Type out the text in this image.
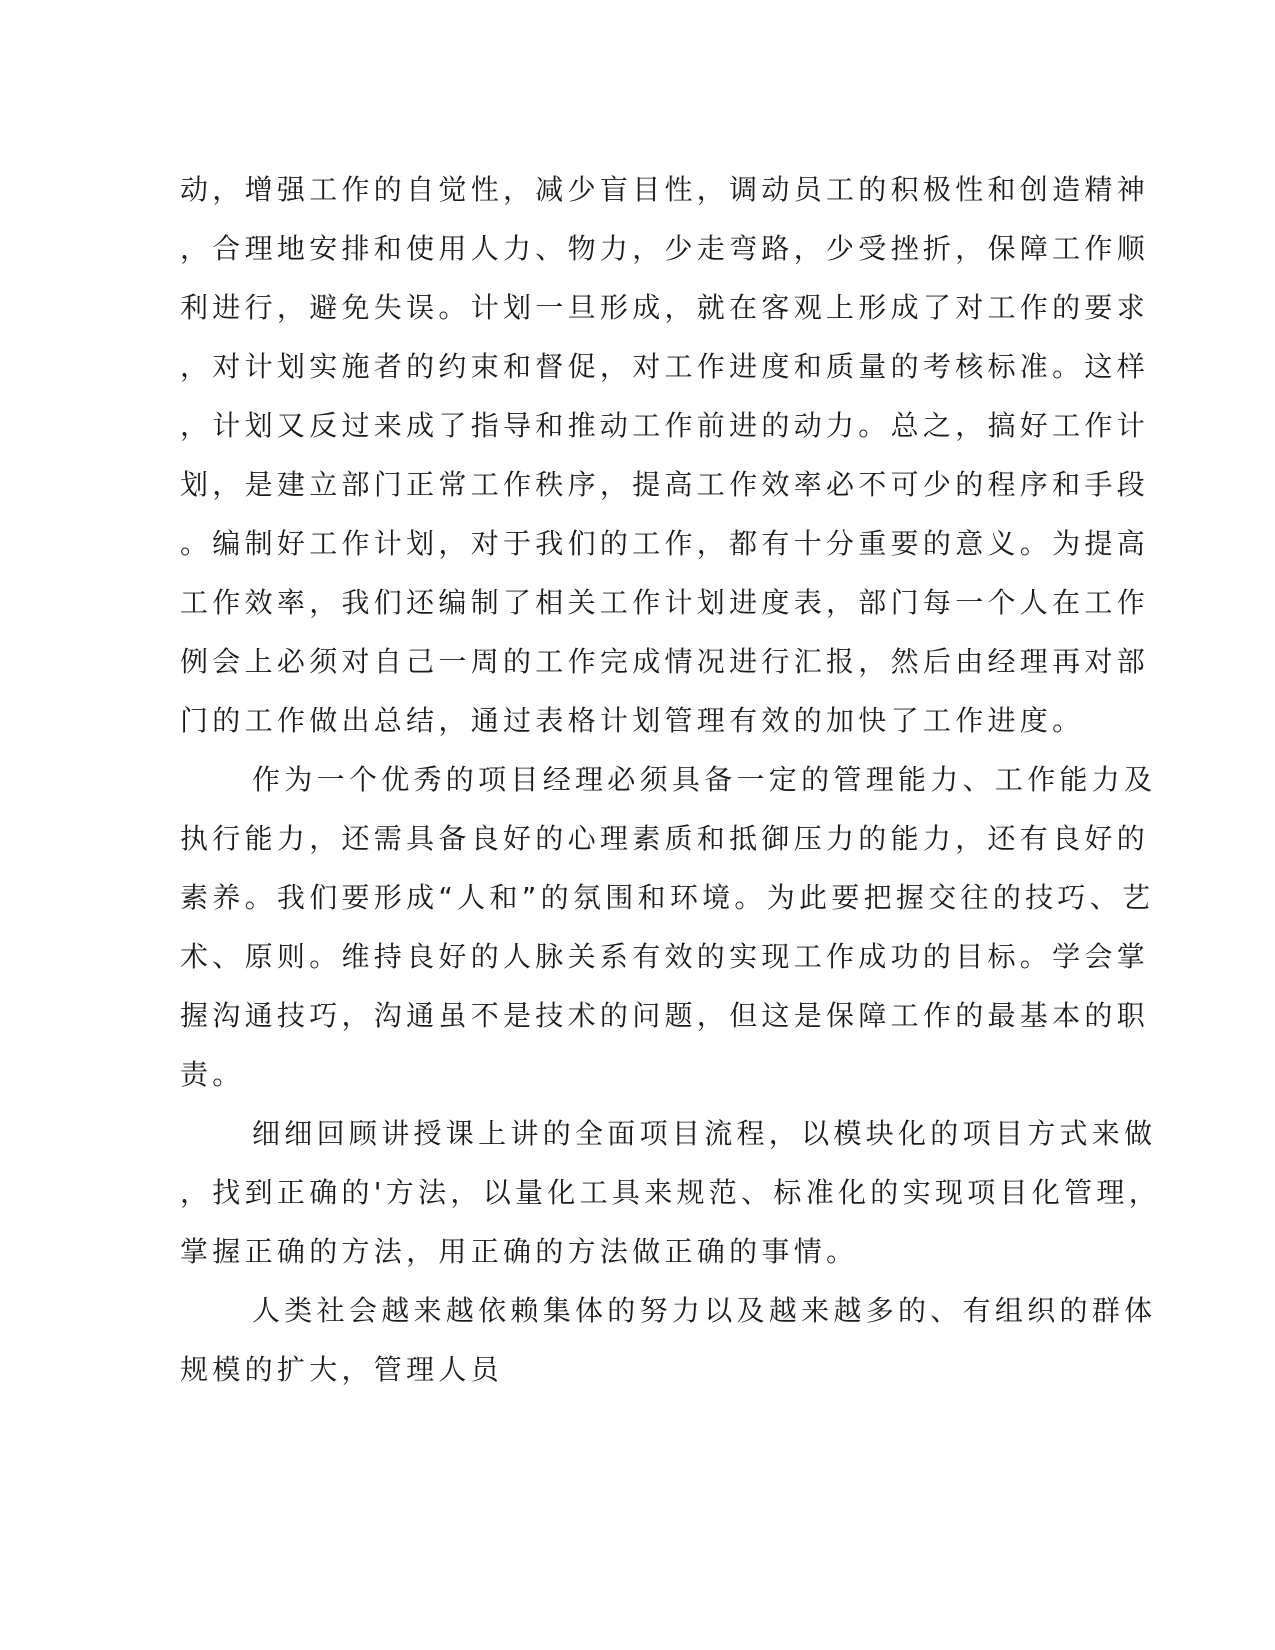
动，增强工作的自觉性，减少盲目性，调动员工的积极性和创造精神
，合理地安排和使用人力、物力，少走弯路，少受挫折，保障工作顺
利进行，避免失误。计划一旦形成，就在客观上形成了对工作的要求
，对计划实施者的约束和督促，对工作进度和质量的考核标准。这样
，计划又反过来成了指导和推动工作前进的动力。总之，搞好工作计
划，是建立部门正常工作秩序，提高工作效率必不可少的程序和手段
。编制好工作计划，对于我们的工作，都有十分重要的意义。为提高
工作效率，我们还编制了相关工作计划进度表，部门每一个人在工作
例会上必须对自己一周的工作完成情况进行汇报，然后由经理再对部
门的工作做出总结，通过表格计划管理有效的加快了工作进度。
作为一个优秀的项目经理必须具备一定的管理能力、工作能力及
执行能力，还需具备良好的心理素质和抵御压力的能力，还有良好的
素养。我们要形成“人和”的氛围和环境。为此要把握交往的技巧、艺
术、原则。维持良好的人脉关系有效的实现工作成功的目标。学会掌
握沟通技巧，沟通虽不是技术的问题，但这是保障工作的最基本的职
责。
细细回顾讲授课上讲的全面项目流程，以模块化的项目方式来做
，找到正确的'方法，以量化工具来规范、标准化的实现项目化管理，
掌握正确的方法，用正确的方法做正确的事情。
人类社会越来越依赖集体的努力以及越来越多的、有组织的群体
规模的扩大，管理人员
